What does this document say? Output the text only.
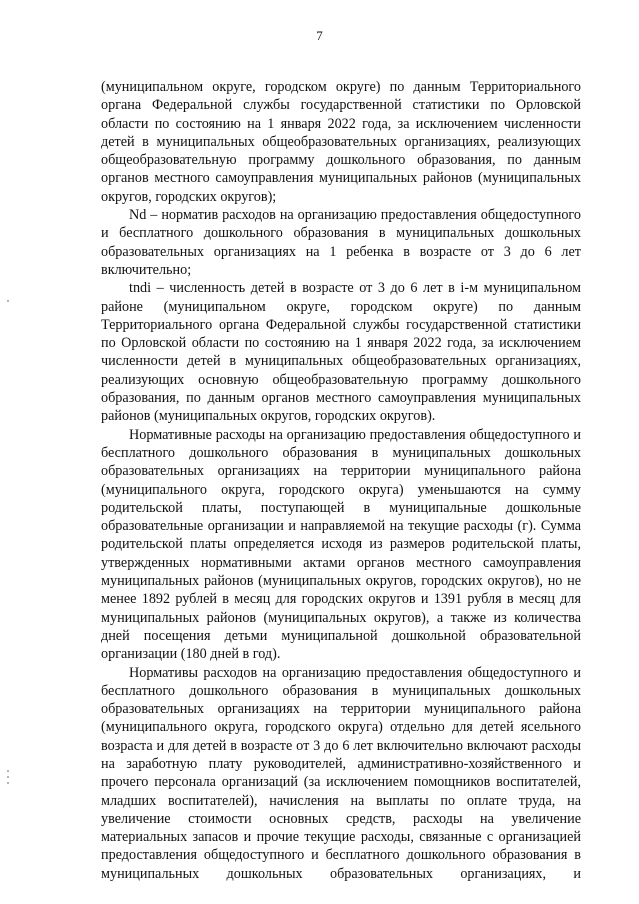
7

(муниципальном округе, городском округе) по данным Территориального органа Федеральной службы государственной статистики по Орловской области по состоянию на 1 января 2022 года, за исключением численности детей в муниципальных общеобразовательных организациях, реализующих общеобразовательную программу дошкольного образования, по данным органов местного самоуправления муниципальных районов (муниципальных округов, городских округов);

Nd – норматив расходов на организацию предоставления общедоступного и бесплатного дошкольного образования в муниципальных дошкольных образовательных организациях на 1 ребенка в возрасте от 3 до 6 лет включительно;

tndi – численность детей в возрасте от 3 до 6 лет в i-м муниципальном районе (муниципальном округе, городском округе) по данным Территориального органа Федеральной службы государственной статистики по Орловской области по состоянию на 1 января 2022 года, за исключением численности детей в муниципальных общеобразовательных организациях, реализующих основную общеобразовательную программу дошкольного образования, по данным органов местного самоуправления муниципальных районов (муниципальных округов, городских округов).

Нормативные расходы на организацию предоставления общедоступного и бесплатного дошкольного образования в муниципальных дошкольных образовательных организациях на территории муниципального района (муниципального округа, городского округа) уменьшаются на сумму родительской платы, поступающей в муниципальные дошкольные образовательные организации и направляемой на текущие расходы (г). Сумма родительской платы определяется исходя из размеров родительской платы, утвержденных нормативными актами органов местного самоуправления муниципальных районов (муниципальных округов, городских округов), но не менее 1892 рублей в месяц для городских округов и 1391 рубля в месяц для муниципальных районов (муниципальных округов), а также из количества дней посещения детьми муниципальной дошкольной образовательной организации (180 дней в год).

Нормативы расходов на организацию предоставления общедоступного и бесплатного дошкольного образования в муниципальных дошкольных образовательных организациях на территории муниципального района (муниципального округа, городского округа) отдельно для детей ясельного возраста и для детей в возрасте от 3 до 6 лет включительно включают расходы на заработную плату руководителей, административно-хозяйственного и прочего персонала организаций (за исключением помощников воспитателей, младших воспитателей), начисления на выплаты по оплате труда, на увеличение стоимости основных средств, расходы на увеличение материальных запасов и прочие текущие расходы, связанные с организацией предоставления общедоступного и бесплатного дошкольного образования в муниципальных дошкольных образовательных организациях, и
